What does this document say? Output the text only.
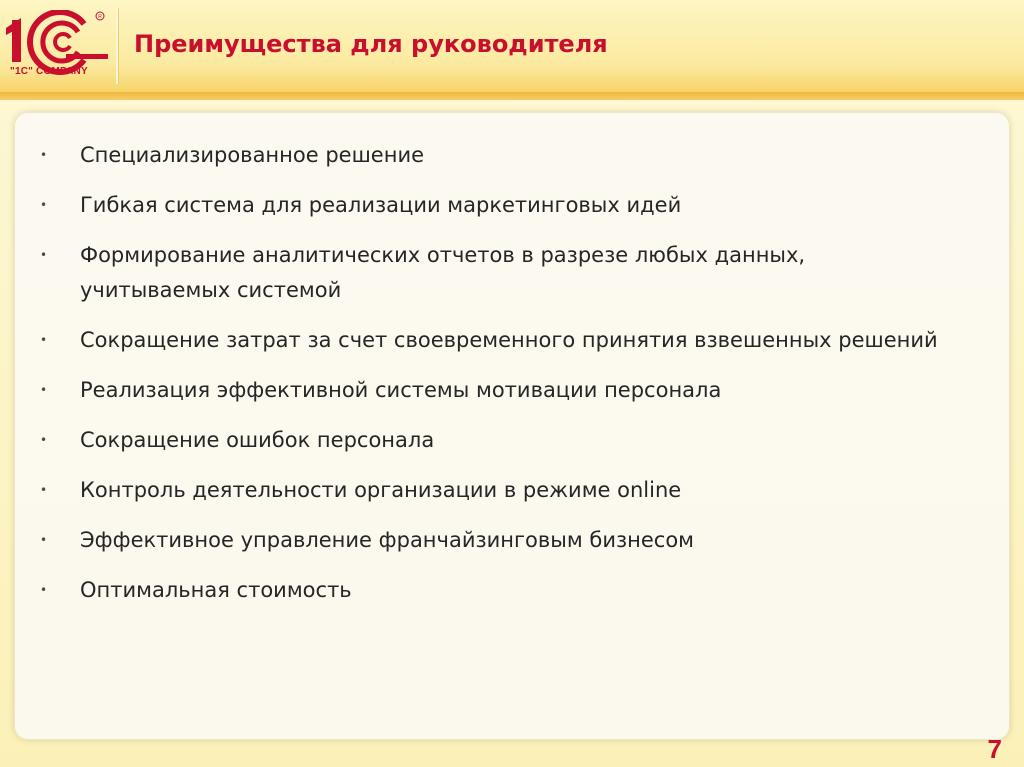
R
"1C" COMPANY
Преимущества для руководителя
• Специализированное решение
• Гибкая система для реализации маркетинговых идей
• Формирование аналитических отчетов в разрезе любых данных, учитываемых системой
• Сокращение затрат за счет своевременного принятия взвешенных решений
• Реализация эффективной системы мотивации персонала
• Сокращение ошибок персонала
• Контроль деятельности организации в режиме online
• Эффективное управление франчайзинговым бизнесом
• Оптимальная стоимость
7
